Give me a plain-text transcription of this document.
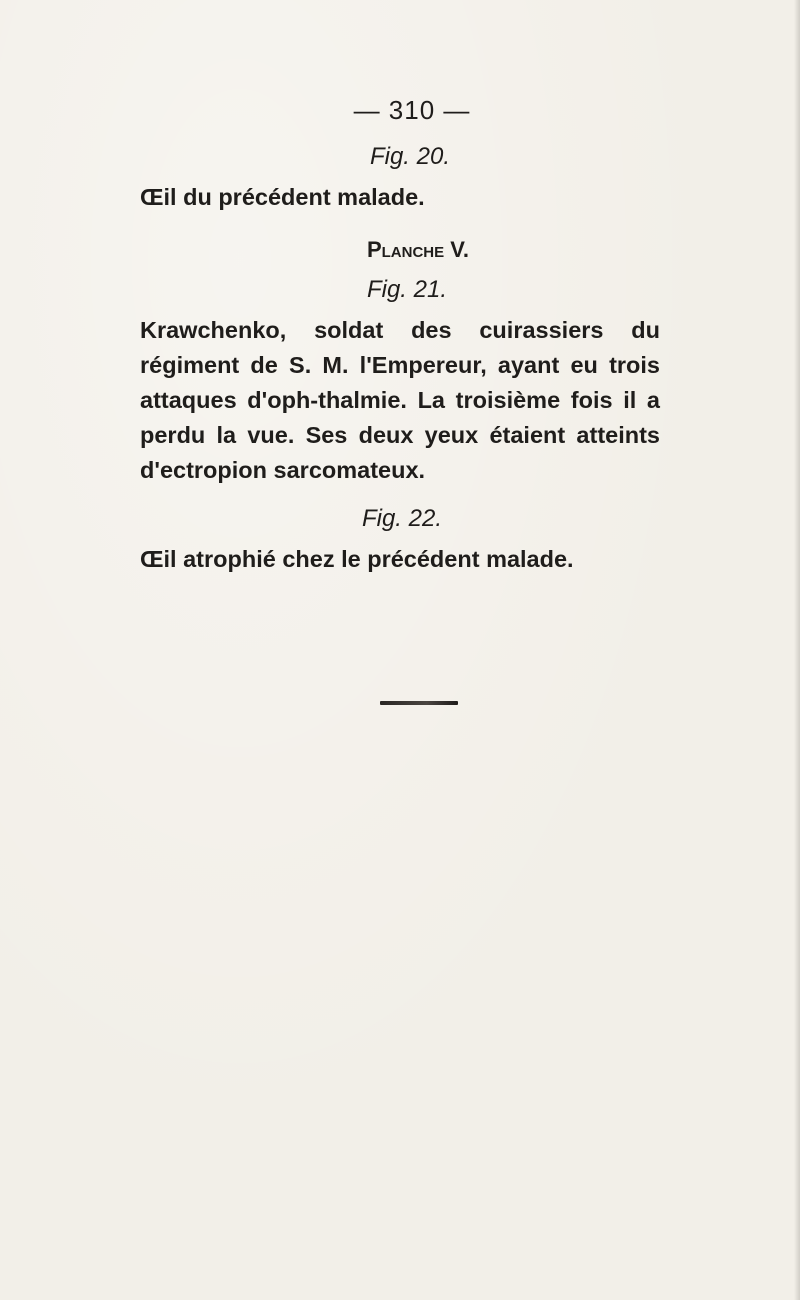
— 310 —

Fig. 20.

Œil du précédent malade.

Planche V.

Fig. 21.

Krawchenko, soldat des cuirassiers du régiment de S. M. l'Empereur, ayant eu trois attaques d'oph-thalmie. La troisième fois il a perdu la vue. Ses deux yeux étaient atteints d'ectropion sarcomateux.

Fig. 22.

Œil atrophié chez le précédent malade.
